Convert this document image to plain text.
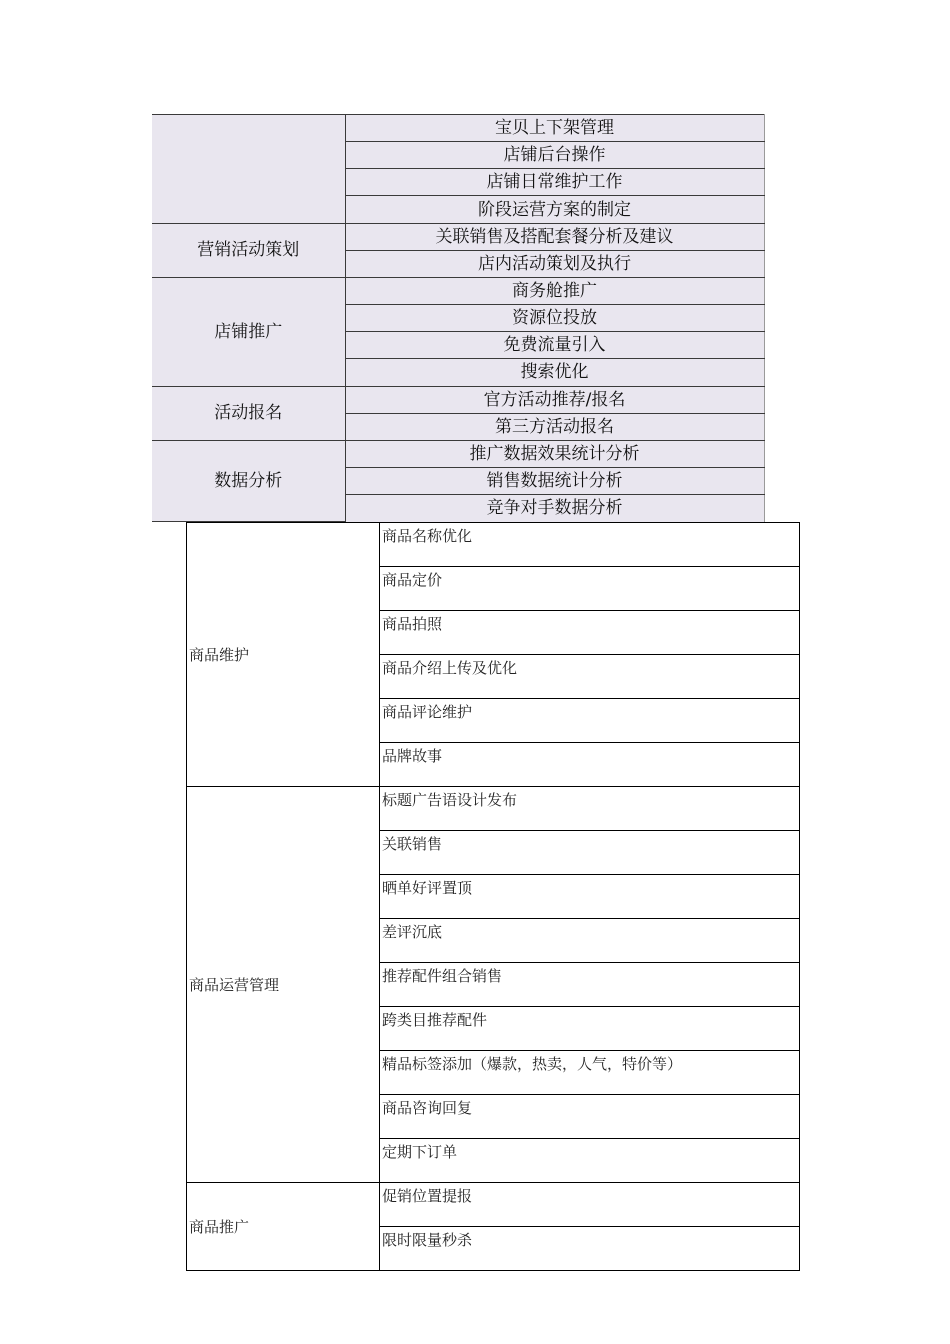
	宝贝上下架管理
	店铺后台操作
	店铺日常维护工作
	阶段运营方案的制定
营销活动策划	关联销售及搭配套餐分析及建议
	店内活动策划及执行
店铺推广	商务舱推广
	资源位投放
	免费流量引入
	搜索优化
活动报名	官方活动推荐/报名
	第三方活动报名
数据分析	推广数据效果统计分析
	销售数据统计分析
	竞争对手数据分析
商品维护	商品名称优化
	商品定价
	商品拍照
	商品介绍上传及优化
	商品评论维护
	品牌故事
商品运营管理	标题广告语设计发布
	关联销售
	晒单好评置顶
	差评沉底
	推荐配件组合销售
	跨类目推荐配件
	精品标签添加（爆款，热卖，人气，特价等）
	商品咨询回复
	定期下订单
商品推广	促销位置提报
	限时限量秒杀
